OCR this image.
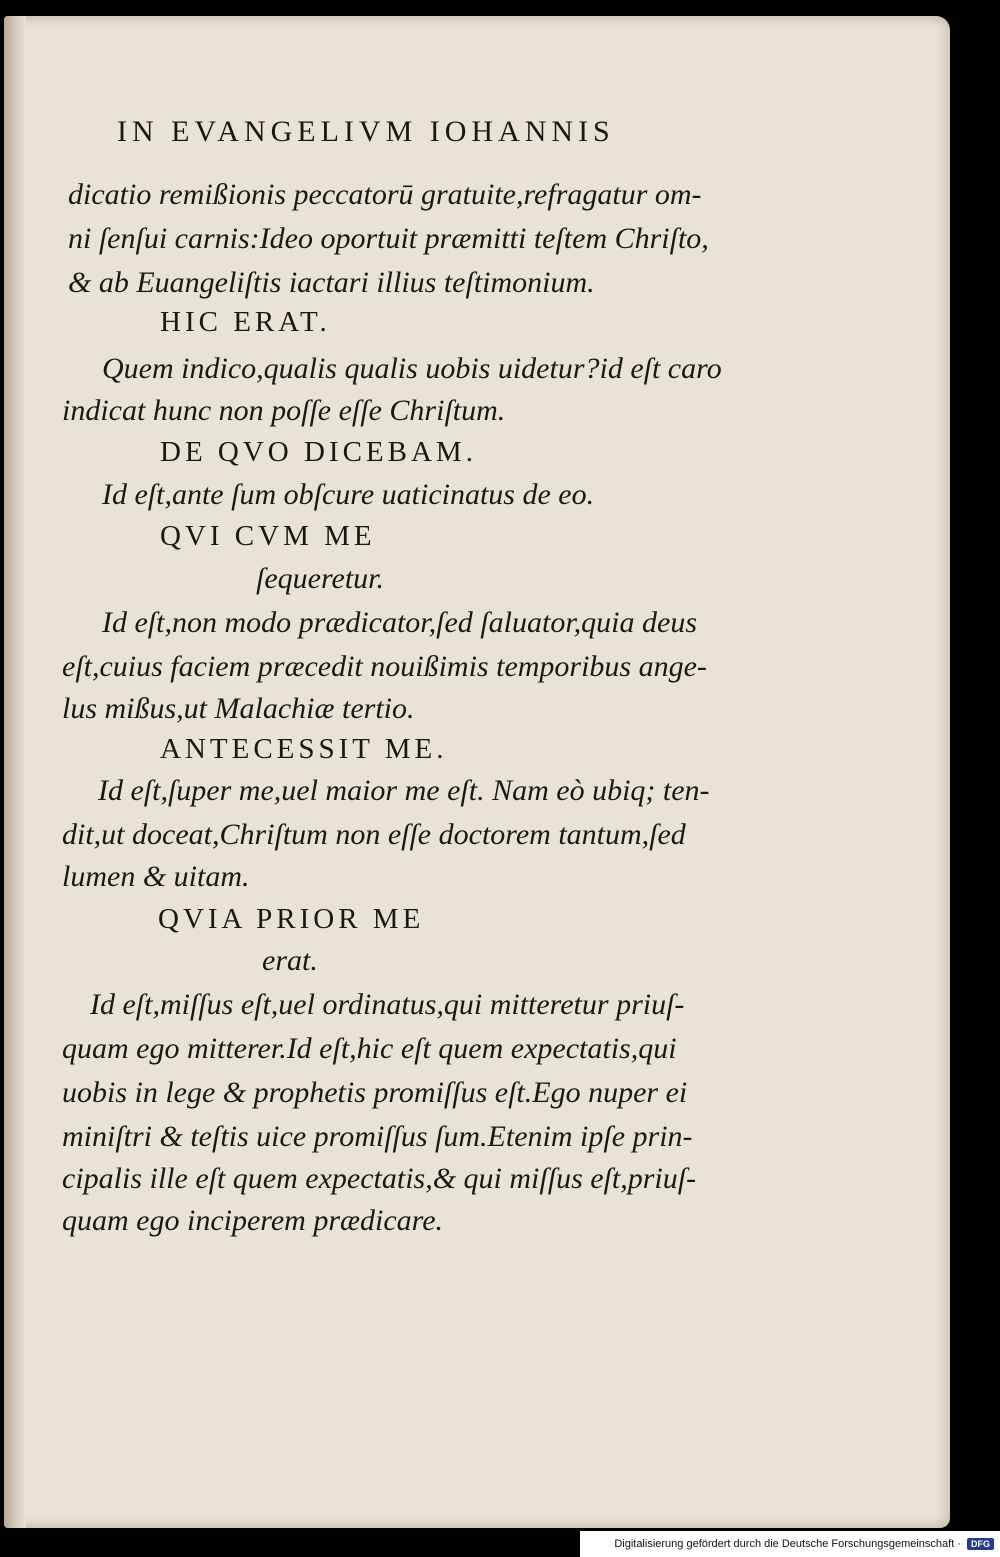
IN EVANGELIVM IOHANNIS
dicatio remißionis peccatorū gratuite,refragatur om-
ni ſenſui carnis:Ideo oportuit præmitti teſtem Chriſto,
& ab Euangeliſtis iactari illius teſtimonium.
HIC ERAT.
Quem indico,qualis qualis uobis uidetur?id eſt caro
indicat hunc non poſſe eſſe Chriſtum.
DE QVO DICEBAM.
Id eſt,ante ſum obſcure uaticinatus de eo.
QVI CVM ME
ſequeretur.
Id eſt,non modo prædicator,ſed ſaluator,quia deus
eſt,cuius faciem præcedit nouißimis temporibus ange-
lus mißus,ut Malachiæ tertio.
ANTECESSIT ME.
Id eſt,ſuper me,uel maior me eſt. Nam eò ubiq; ten-
dit,ut doceat,Chriſtum non eſſe doctorem tantum,ſed
lumen & uitam.
QVIA PRIOR ME
erat.
Id eſt,miſſus eſt,uel ordinatus,qui mitteretur priuſ-
quam ego mitterer.Id eſt,hic eſt quem expectatis,qui
uobis in lege & prophetis promiſſus eſt.Ego nuper ei
miniſtri & teſtis uice promiſſus ſum.Etenim ipſe prin-
cipalis ille eſt quem expectatis,& qui miſſus eſt,priuſ-
quam ego inciperem prædicare.
Digitalisierung gefördert durch die Deutsche Forschungsgemeinschaft ·	DFG
